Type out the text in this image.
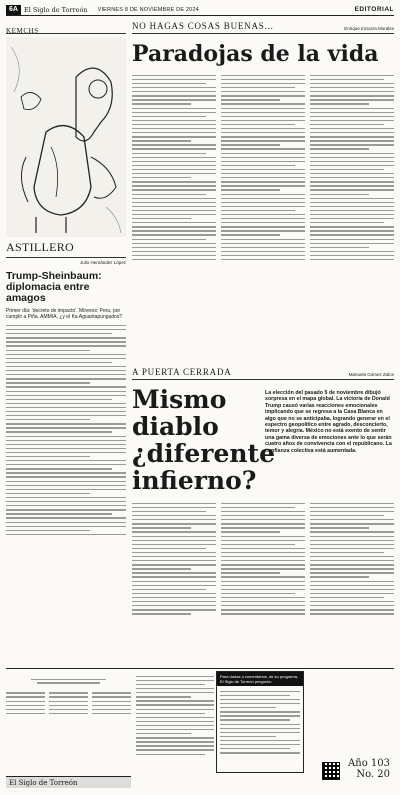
6A El Siglo de Torreón VIERNES 8 DE NOVIEMBRE DE 2024	EDITORIAL
KEMCHS
ASTILLERO
Julio Hernández López
Trump-Sheinbaum: diplomacia entre amagos
Primer día: 'decreto de impacto'. Mineros: Peru, por cumplir a Piña. AMMIA, ¿y el Ka Aguantapungados?
NO HAGAS COSAS BUENAS...	Enrique Inzunza Morales
Paradojas de la vida
A PUERTA CERRADA	Manuela Gómez Zalce
Mismo diablo ¿diferente infierno?
La elección del pasado 5 de noviembre dibujó sorpresa en el mapa global. La victoria de Donald Trump causó varias reacciones emocionales implicando que se regresa a la Casa Blanca en algo que no se anticipaba, logrando generar en el espectro geopolítico entre agrado, desconcierto, temor y alegría. México no está exento de sentir una gama diversa de emociones ante lo que serán cuatro años de convivencia con el republicano. La confianza colectiva está aumentada.
El Siglo de Torreón
Para dudas o comentarios, de su programa, El Siglo de Torreón pregunta:
Año 103
No. 20
